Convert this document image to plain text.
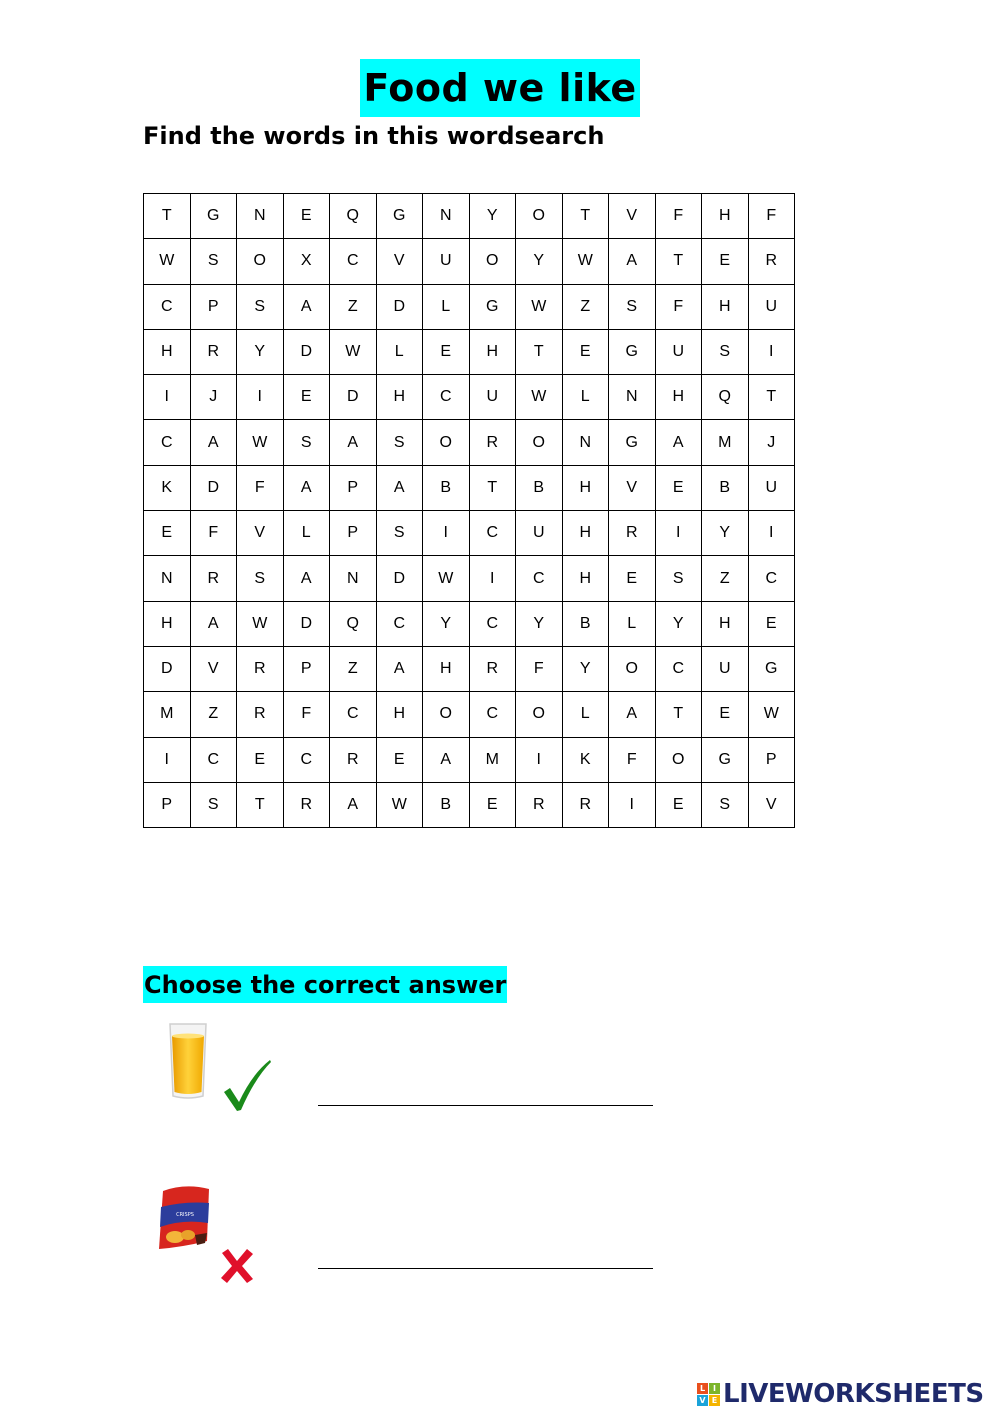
Food we like
Find the words in this wordsearch
T	G	N	E	Q	G	N	Y	O	T	V	F	H	F
W	S	O	X	C	V	U	O	Y	W	A	T	E	R
C	P	S	A	Z	D	L	G	W	Z	S	F	H	U
H	R	Y	D	W	L	E	H	T	E	G	U	S	I
I	J	I	E	D	H	C	U	W	L	N	H	Q	T
C	A	W	S	A	S	O	R	O	N	G	A	M	J
K	D	F	A	P	A	B	T	B	H	V	E	B	U
E	F	V	L	P	S	I	C	U	H	R	I	Y	I
N	R	S	A	N	D	W	I	C	H	E	S	Z	C
H	A	W	D	Q	C	Y	C	Y	B	L	Y	H	E
D	V	R	P	Z	A	H	R	F	Y	O	C	U	G
M	Z	R	F	C	H	O	C	O	L	A	T	E	W
I	C	E	C	R	E	A	M	I	K	F	O	G	P
P	S	T	R	A	W	B	E	R	R	I	E	S	V
Choose the correct answer
CRISPS
L I
V E LIVEWORKSHEETS
